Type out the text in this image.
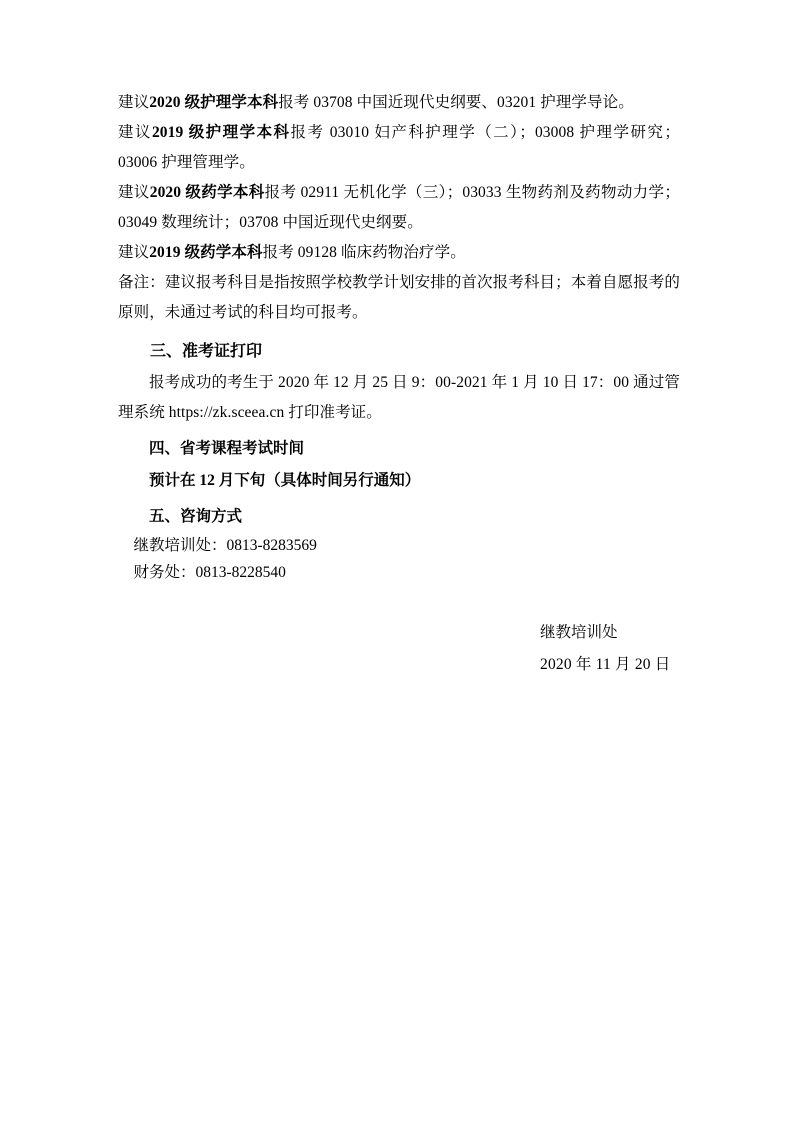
建议2020 级护理学本科报考 03708 中国近现代史纲要、03201 护理学导论。

建议2019 级护理学本科报考 03010 妇产科护理学（二）；03008 护理学研究； 03006 护理管理学。

建议2020 级药学本科报考 02911 无机化学（三）；03033 生物药剂及药物动力学；03049 数理统计；03708 中国近现代史纲要。

建议2019 级药学本科报考 09128 临床药物治疗学。

备注：建议报考科目是指按照学校教学计划安排的首次报考科目；本着自愿报考的原则，未通过考试的科目均可报考。

三、准考证打印

报考成功的考生于 2020 年 12 月 25 日 9：00-2021 年 1 月 10 日 17：00 通过管理系统 https://zk.sceea.cn 打印准考证。

四、省考课程考试时间

预计在 12 月下旬（具体时间另行通知）

五、咨询方式

继教培训处：0813-8283569

财务处：0813-8228540

继教培训处
2020 年 11 月 20 日
